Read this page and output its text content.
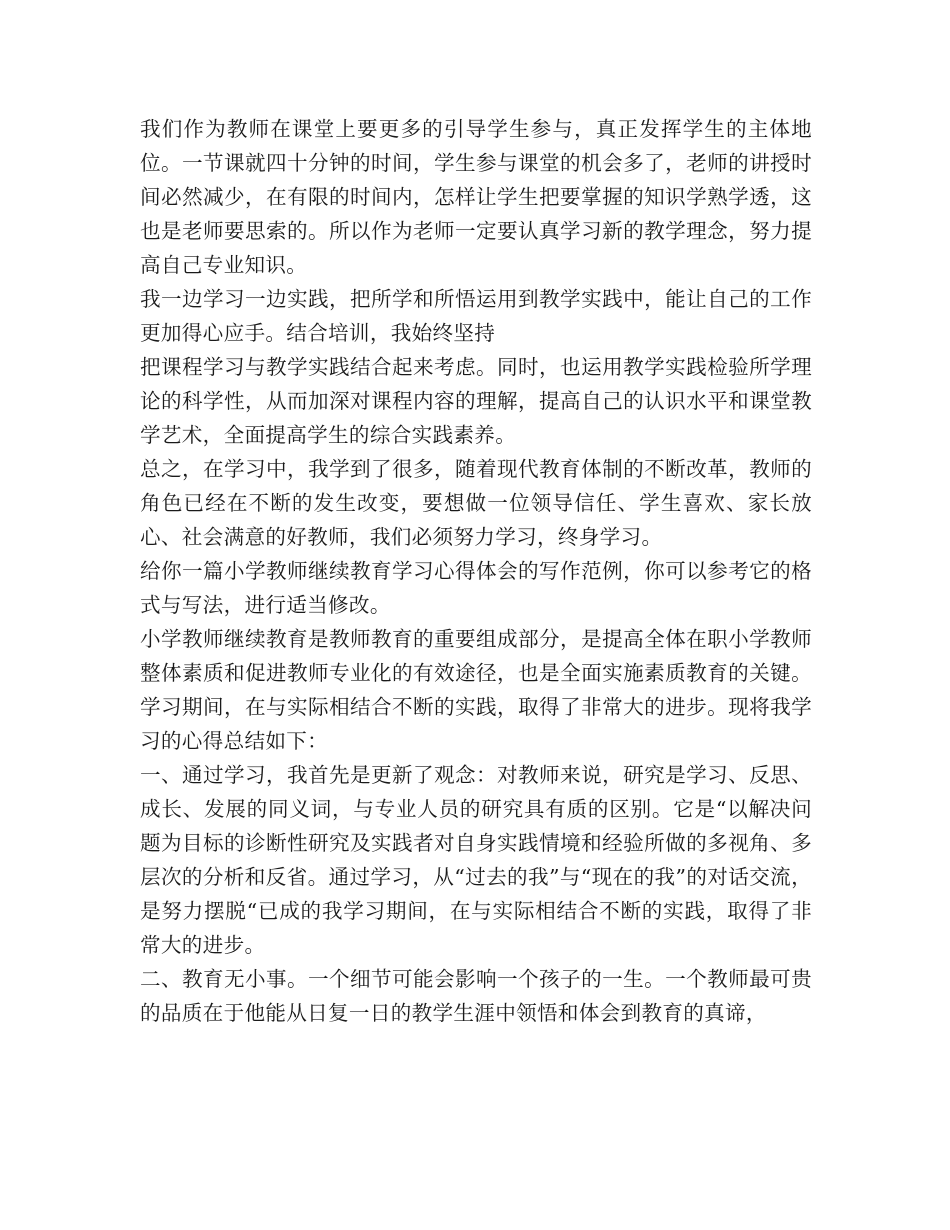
我们作为教师在课堂上要更多的引导学生参与，真正发挥学生的主体地位。一节课就四十分钟的时间，学生参与课堂的机会多了，老师的讲授时间必然减少，在有限的时间内，怎样让学生把要掌握的知识学熟学透，这也是老师要思索的。所以作为老师一定要认真学习新的教学理念，努力提高自己专业知识。

我一边学习一边实践，把所学和所悟运用到教学实践中，能让自己的工作更加得心应手。结合培训，我始终坚持

把课程学习与教学实践结合起来考虑。同时，也运用教学实践检验所学理论的科学性，从而加深对课程内容的理解，提高自己的认识水平和课堂教学艺术，全面提高学生的综合实践素养。

总之，在学习中，我学到了很多，随着现代教育体制的不断改革，教师的角色已经在不断的发生改变，要想做一位领导信任、学生喜欢、家长放心、社会满意的好教师，我们必须努力学习，终身学习。

给你一篇小学教师继续教育学习心得体会的写作范例，你可以参考它的格式与写法，进行适当修改。

小学教师继续教育是教师教育的重要组成部分，是提高全体在职小学教师整体素质和促进教师专业化的有效途径，也是全面实施素质教育的关键。学习期间，在与实际相结合不断的实践，取得了非常大的进步。现将我学习的心得总结如下：

一、通过学习，我首先是更新了观念：对教师来说，研究是学习、反思、成长、发展的同义词，与专业人员的研究具有质的区别。它是“以解决问题为目标的诊断性研究及实践者对自身实践情境和经验所做的多视角、多层次的分析和反省。通过学习，从“过去的我”与“现在的我”的对话交流，是努力摆脱“已成的我学习期间，在与实际相结合不断的实践，取得了非常大的进步。

二、教育无小事。一个细节可能会影响一个孩子的一生。一个教师最可贵的品质在于他能从日复一日的教学生涯中领悟和体会到教育的真谛，
